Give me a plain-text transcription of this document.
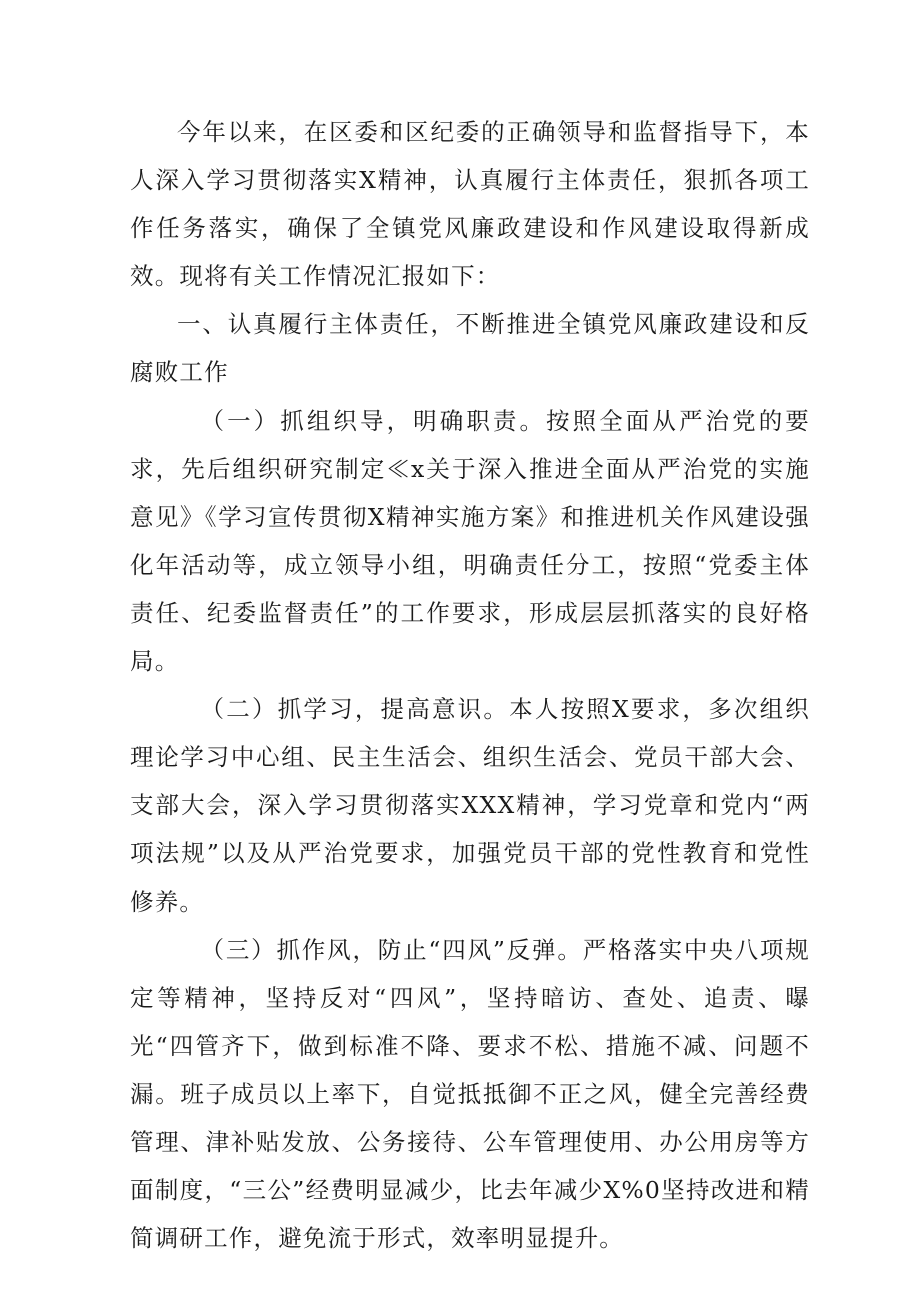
今年以来，在区委和区纪委的正确领导和监督指导下，本人深入学习贯彻落实X精神，认真履行主体责任，狠抓各项工作任务落实，确保了全镇党风廉政建设和作风建设取得新成效。现将有关工作情况汇报如下：

一、认真履行主体责任，不断推进全镇党风廉政建设和反腐败工作

（一）抓组织导，明确职责。按照全面从严治党的要求，先后组织研究制定≪x关于深入推进全面从严治党的实施意见》《学习宣传贯彻X精神实施方案》和推进机关作风建设强化年活动等，成立领导小组，明确责任分工，按照“党委主体责任、纪委监督责任”的工作要求，形成层层抓落实的良好格局。

（二）抓学习，提高意识。本人按照X要求，多次组织理论学习中心组、民主生活会、组织生活会、党员干部大会、支部大会，深入学习贯彻落实XXX精神，学习党章和党内“两项法规”以及从严治党要求，加强党员干部的党性教育和党性修养。

（三）抓作风，防止“四风”反弹。严格落实中央八项规定等精神，坚持反对“四风”，坚持暗访、查处、追责、曝光“四管齐下，做到标准不降、要求不松、措施不减、问题不漏。班子成员以上率下，自觉抵抵御不正之风，健全完善经费管理、津补贴发放、公务接待、公车管理使用、办公用房等方面制度，“三公”经费明显减少，比去年减少X%0坚持改进和精简调研工作，避免流于形式，效率明显提升。
